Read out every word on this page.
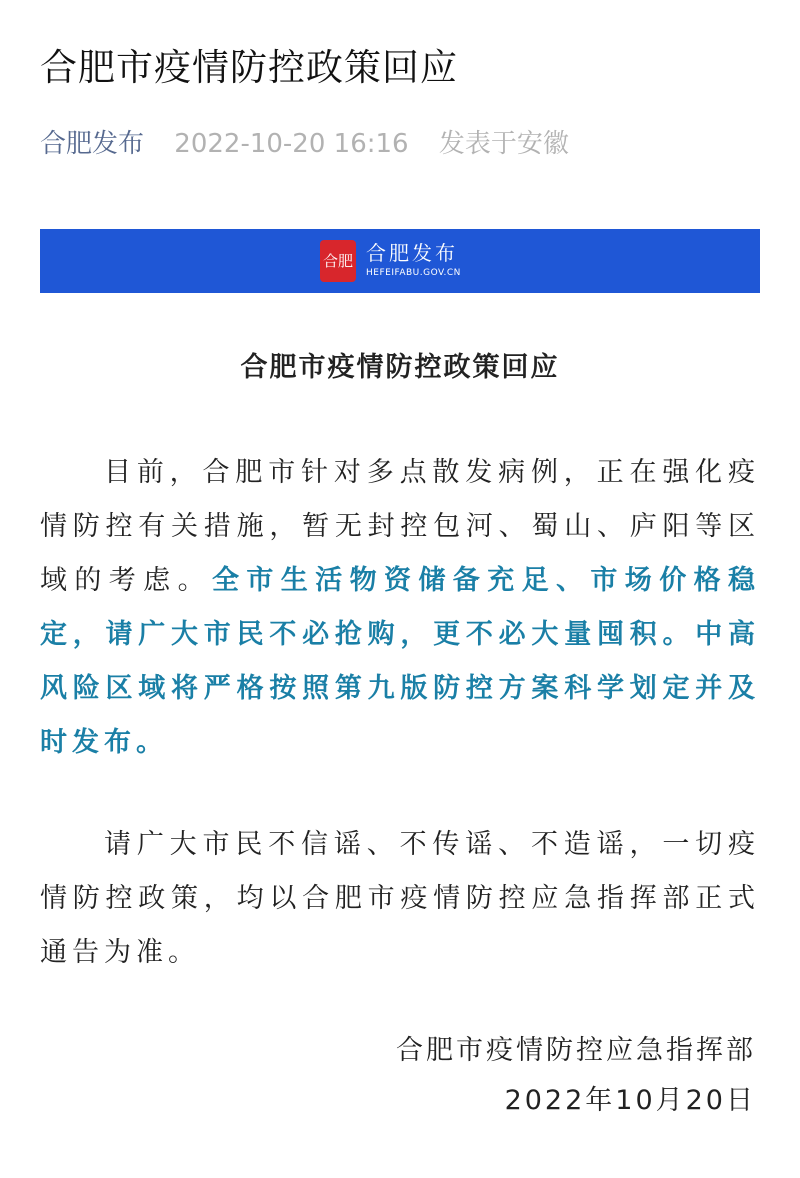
合肥市疫情防控政策回应
合肥发布 2022-10-20 16:16 发表于安徽
合肥 合肥发布
HEFEIFABU.GOV.CN
合肥市疫情防控政策回应

目前，合肥市针对多点散发病例，正在强化疫情防控有关措施，暂无封控包河、蜀山、庐阳等区域的考虑。全市生活物资储备充足、市场价格稳定，请广大市民不必抢购，更不必大量囤积。中高风险区域将严格按照第九版防控方案科学划定并及时发布。

请广大市民不信谣、不传谣、不造谣，一切疫情防控政策，均以合肥市疫情防控应急指挥部正式通告为准。

合肥市疫情防控应急指挥部
2022年10月20日
